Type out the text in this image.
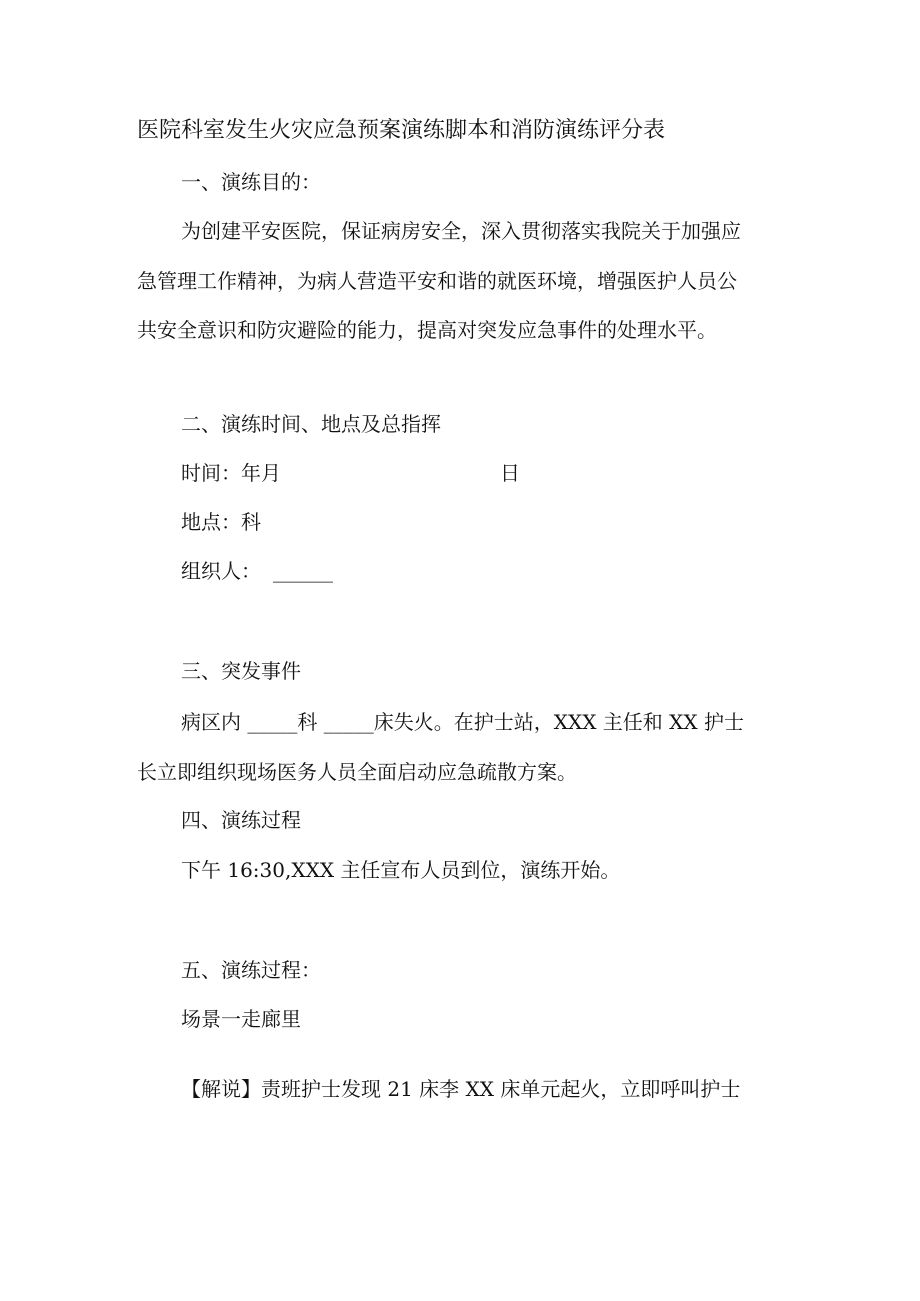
医院科室发生火灾应急预案演练脚本和消防演练评分表
一、演练目的：
为创建平安医院，保证病房安全，深入贯彻落实我院关于加强应
急管理工作精神，为病人营造平安和谐的就医环境，增强医护人员公
共安全意识和防灾避险的能力，提高对突发应急事件的处理水平。
二、演练时间、地点及总指挥
时间：年月	日
地点：科
组织人： ______
三、突发事件
病区内 _____科 _____床失火。在护士站，XXX 主任和 XX 护士
长立即组织现场医务人员全面启动应急疏散方案。
四、演练过程
下午 16:30,XXX 主任宣布人员到位，演练开始。
五、演练过程：
场景一走廊里
【解说】责班护士发现 21 床李 XX 床单元起火，立即呼叫护士
